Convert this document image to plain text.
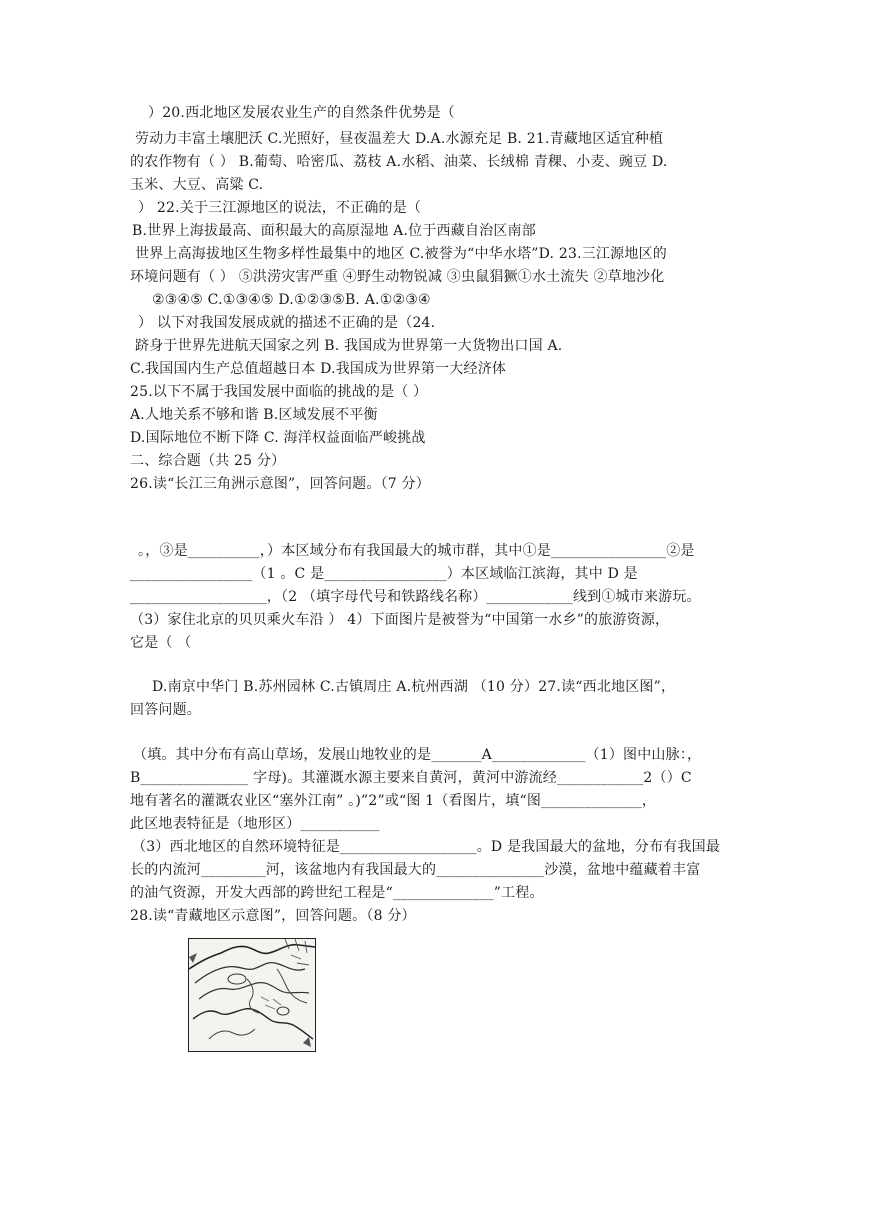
）20.西北地区发展农业生产的自然条件优势是（
劳动力丰富土壤肥沃 C.光照好，昼夜温差大 D.A.水源充足 B. 21.青藏地区适宜种植
的农作物有（ ） B.葡萄、哈密瓜、荔枝 A.水稻、油菜、长绒棉 青稞、小麦、豌豆 D.
玉米、大豆、高粱 C.
） 22.关于三江源地区的说法，不正确的是（
B.世界上海拔最高、面积最大的高原湿地 A.位于西藏自治区南部
世界上高海拔地区生物多样性最集中的地区 C.被誉为“中华水塔”D. 23.三江源地区的
环境问题有（ ） ⑤洪涝灾害严重 ④野生动物锐减 ③虫鼠猖獗①水土流失 ②草地沙化
②③④⑤ C.①③④⑤ D.①②③⑤B. A.①②③④
） 以下对我国发展成就的描述不正确的是（24.
跻身于世界先进航天国家之列 B. 我国成为世界第一大货物出口国 A.
C.我国国内生产总值超越日本 D.我国成为世界第一大经济体
25.以下不属于我国发展中面临的挑战的是（ ）
A.人地关系不够和谐 B.区域发展不平衡
D.国际地位不断下降 C. 海洋权益面临严峻挑战
二、综合题（共 25 分）
26.读“长江三角洲示意图”，回答问题。（7 分）
。，③是__________，）本区域分布有我国最大的城市群，其中①是________________②是
_________________（1 。C 是_________________）本区域临江滨海，其中 D 是
___________________，（2 （填字母代号和铁路线名称）____________线到①城市来游玩。
（3）家住北京的贝贝乘火车沿 ） 4）下面图片是被誉为“中国第一水乡”的旅游资源，
它是（ （
D.南京中华门 B.苏州园林 C.古镇周庄 A.杭州西湖 （10 分）27.读“西北地区图”，
回答问题。
（填。其中分布有高山草场，发展山地牧业的是_______A_____________（1）图中山脉：，
B_______________ 字母)。其灌溉水源主要来自黄河，黄河中游流经____________2（）C
地有著名的灌溉农业区“塞外江南” 。)”2”或“图 1（看图片，填“图______________，
此区地表特征是（地形区）___________
（3）西北地区的自然环境特征是___________________。D 是我国最大的盆地，分布有我国最
长的内流河_________河，该盆地内有我国最大的_______________沙漠，盆地中蕴藏着丰富
的油气资源，开发大西部的跨世纪工程是“______________”工程。
28.读“青藏地区示意图”，回答问题。（8 分）
